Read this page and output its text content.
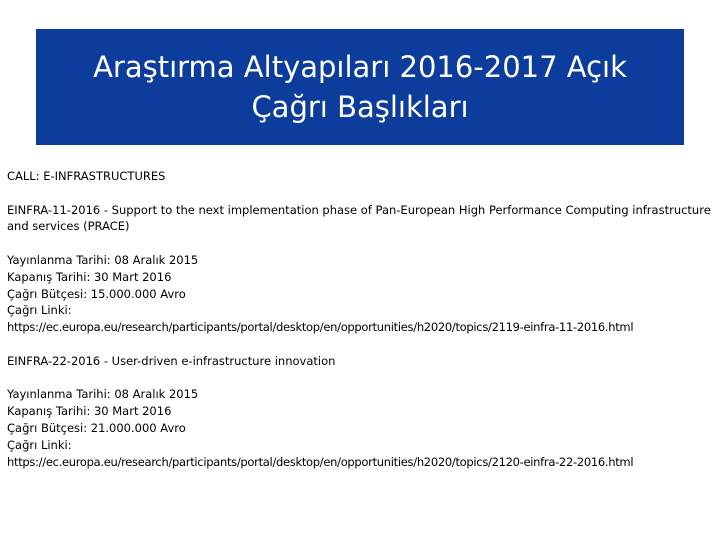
Araştırma Altyapıları 2016-2017 Açık
Çağrı Başlıkları
CALL: E-INFRASTRUCTURES
EINFRA-11-2016 - Support to the next implementation phase of Pan-European High Performance Computing infrastructure and services (PRACE)
Yayınlanma Tarihi: 08 Aralık 2015
Kapanış Tarihi: 30 Mart 2016
Çağrı Bütçesi: 15.000.000 Avro
Çağrı Linki:
https://ec.europa.eu/research/participants/portal/desktop/en/opportunities/h2020/topics/2119-einfra-11-2016.html
EINFRA-22-2016 - User-driven e-infrastructure innovation
Yayınlanma Tarihi: 08 Aralık 2015
Kapanış Tarihi: 30 Mart 2016
Çağrı Bütçesi: 21.000.000 Avro
Çağrı Linki:
https://ec.europa.eu/research/participants/portal/desktop/en/opportunities/h2020/topics/2120-einfra-22-2016.html
